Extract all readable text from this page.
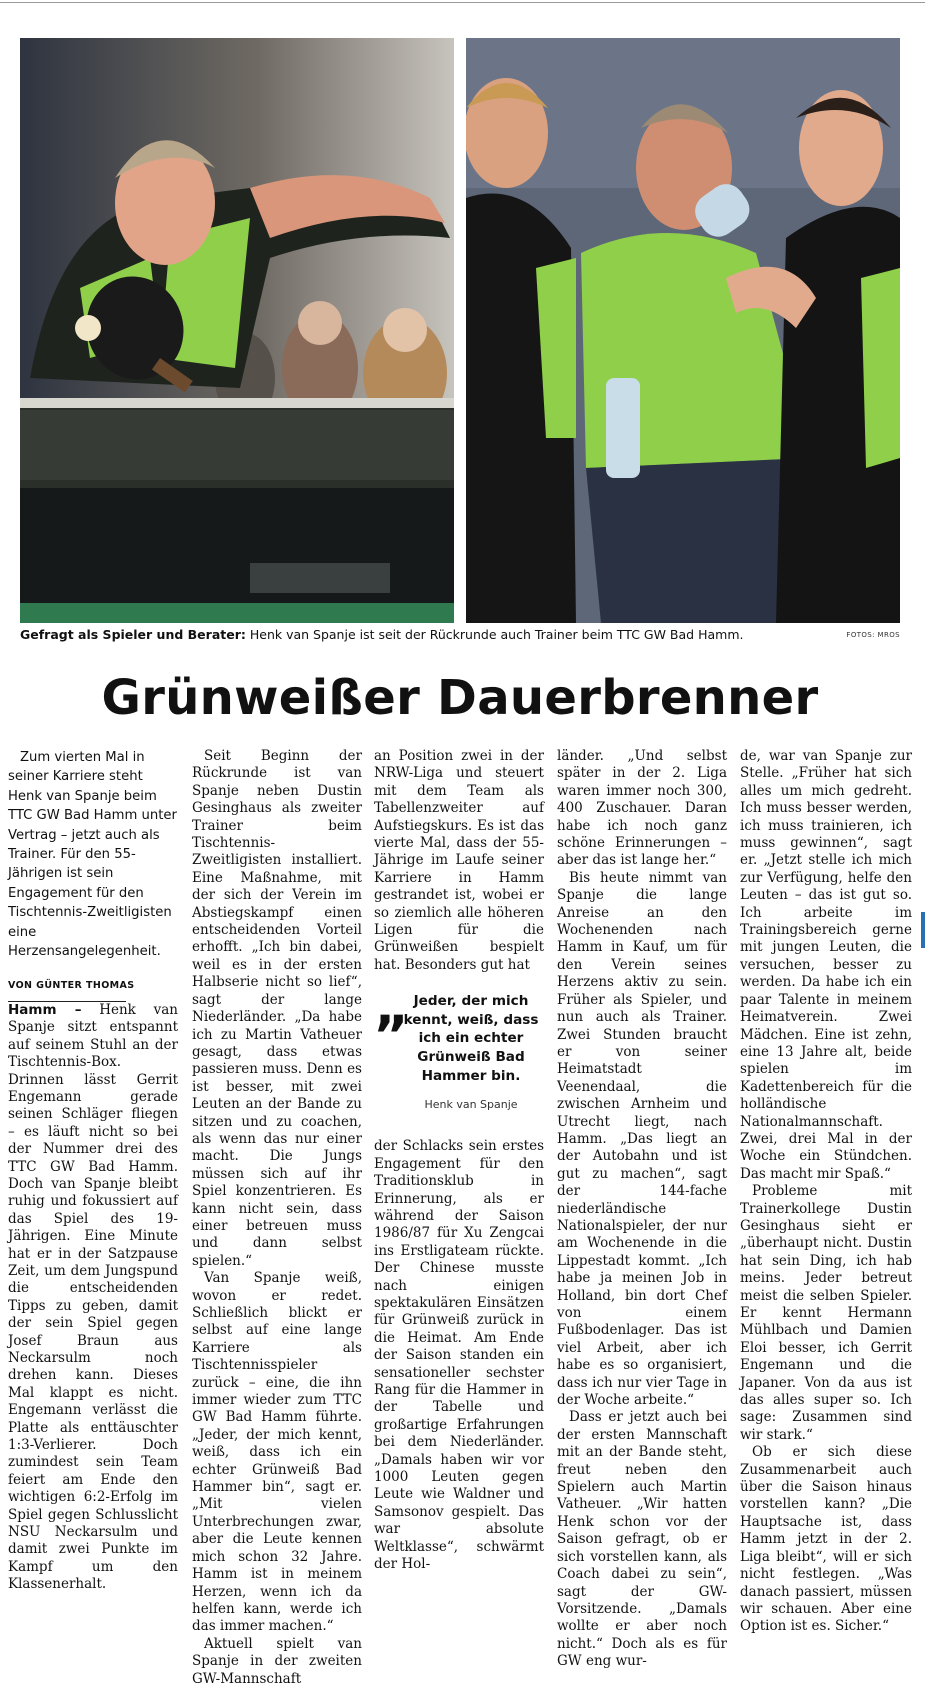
Gefragt als Spieler und Berater: Henk van Spanje ist seit der Rückrunde auch Trainer beim TTC GW Bad Hamm.	FOTOS: MROS
Grünweißer Dauerbrenner

Zum vierten Mal in seiner Karriere steht Henk van Spanje beim TTC GW Bad Hamm unter Vertrag – jetzt auch als Trainer. Für den 55-Jährigen ist sein Engagement für den Tischtennis-Zweitligisten eine Herzensangelegenheit.

VON GÜNTER THOMAS

Hamm – Henk van Spanje sitzt entspannt auf seinem Stuhl an der Tischtennis-Box. Drinnen lässt Gerrit Engemann gerade seinen Schläger fliegen – es läuft nicht so bei der Nummer drei des TTC GW Bad Hamm. Doch van Spanje bleibt ruhig und fokussiert auf das Spiel des 19-Jährigen. Eine Minute hat er in der Satzpause Zeit, um dem Jungspund die entscheidenden Tipps zu geben, damit der sein Spiel gegen Josef Braun aus Neckarsulm noch drehen kann. Dieses Mal klappt es nicht. Engemann verlässt die Platte als enttäuschter 1:3-Verlierer. Doch zumindest sein Team feiert am Ende den wichtigen 6:2-Erfolg im Spiel gegen Schlusslicht NSU Neckarsulm und damit zwei Punkte im Kampf um den Klassenerhalt.

Seit Beginn der Rückrunde ist van Spanje neben Dustin Gesinghaus als zweiter Trainer beim Tischtennis-Zweitligisten installiert. Eine Maßnahme, mit der sich der Verein im Abstiegskampf einen entscheidenden Vorteil erhofft. „Ich bin dabei, weil es in der ersten Halbserie nicht so lief“, sagt der lange Niederländer. „Da habe ich zu Martin Vatheuer gesagt, dass etwas passieren muss. Denn es ist besser, mit zwei Leuten an der Bande zu sitzen und zu coachen, als wenn das nur einer macht. Die Jungs müssen sich auf ihr Spiel konzentrieren. Es kann nicht sein, dass einer betreuen muss und dann selbst spielen.“

Van Spanje weiß, wovon er redet. Schließlich blickt er selbst auf eine lange Karriere als Tischtennisspieler zurück – eine, die ihn immer wieder zum TTC GW Bad Hamm führte. „Jeder, der mich kennt, weiß, dass ich ein echter Grünweiß Bad Hammer bin“, sagt er. „Mit vielen Unterbrechungen zwar, aber die Leute kennen mich schon 32 Jahre. Hamm ist in meinem Herzen, wenn ich da helfen kann, werde ich das immer machen.“

Aktuell spielt van Spanje in der zweiten GW-Mannschaft

an Position zwei in der NRW-Liga und steuert mit dem Team als Tabellenzweiter auf Aufstiegskurs. Es ist das vierte Mal, dass der 55-Jährige im Laufe seiner Karriere in Hamm gestrandet ist, wobei er so ziemlich alle höheren Ligen für die Grünweißen bespielt hat. Besonders gut hat

„ Jeder, der mich kennt, weiß, dass ich ein echter Grünweiß Bad Hammer bin.
Henk van Spanje

der Schlacks sein erstes Engagement für den Traditionsklub in Erinnerung, als er während der Saison 1986/87 für Xu Zengcai ins Erstligateam rückte. Der Chinese musste nach einigen spektakulären Einsätzen für Grünweiß zurück in die Heimat. Am Ende der Saison standen ein sensationeller sechster Rang für die Hammer in der Tabelle und großartige Erfahrungen bei dem Niederländer. „Damals haben wir vor 1000 Leuten gegen Leute wie Waldner und Samsonov gespielt. Das war absolute Weltklasse“, schwärmt der Hol-

länder. „Und selbst später in der 2. Liga waren immer noch 300, 400 Zuschauer. Daran habe ich noch ganz schöne Erinnerungen – aber das ist lange her.“

Bis heute nimmt van Spanje die lange Anreise an den Wochenenden nach Hamm in Kauf, um für den Verein seines Herzens aktiv zu sein. Früher als Spieler, und nun auch als Trainer. Zwei Stunden braucht er von seiner Heimatstadt Veenendaal, die zwischen Arnheim und Utrecht liegt, nach Hamm. „Das liegt an der Autobahn und ist gut zu machen“, sagt der 144-fache niederländische Nationalspieler, der nur am Wochenende in die Lippestadt kommt. „Ich habe ja meinen Job in Holland, bin dort Chef von einem Fußbodenlager. Das ist viel Arbeit, aber ich habe es so organisiert, dass ich nur vier Tage in der Woche arbeite.“

Dass er jetzt auch bei der ersten Mannschaft mit an der Bande steht, freut neben den Spielern auch Martin Vatheuer. „Wir hatten Henk schon vor der Saison gefragt, ob er sich vorstellen kann, als Coach dabei zu sein“, sagt der GW-Vorsitzende. „Damals wollte er aber noch nicht.“ Doch als es für GW eng wur-

de, war van Spanje zur Stelle. „Früher hat sich alles um mich gedreht. Ich muss besser werden, ich muss trainieren, ich muss gewinnen“, sagt er. „Jetzt stelle ich mich zur Verfügung, helfe den Leuten – das ist gut so. Ich arbeite im Trainingsbereich gerne mit jungen Leuten, die versuchen, besser zu werden. Da habe ich ein paar Talente in meinem Heimatverein. Zwei Mädchen. Eine ist zehn, eine 13 Jahre alt, beide spielen im Kadettenbereich für die holländische Nationalmannschaft. Zwei, drei Mal in der Woche ein Stündchen. Das macht mir Spaß.“

Probleme mit Trainerkollege Dustin Gesinghaus sieht er „überhaupt nicht. Dustin hat sein Ding, ich hab meins. Jeder betreut meist die selben Spieler. Er kennt Hermann Mühlbach und Damien Eloi besser, ich Gerrit Engemann und die Japaner. Von da aus ist das alles super so. Ich sage: Zusammen sind wir stark.“

Ob er sich diese Zusammenarbeit auch über die Saison hinaus vorstellen kann? „Die Hauptsache ist, dass Hamm jetzt in der 2. Liga bleibt“, will er sich nicht festlegen. „Was danach passiert, müssen wir schauen. Aber eine Option ist es. Sicher.“
